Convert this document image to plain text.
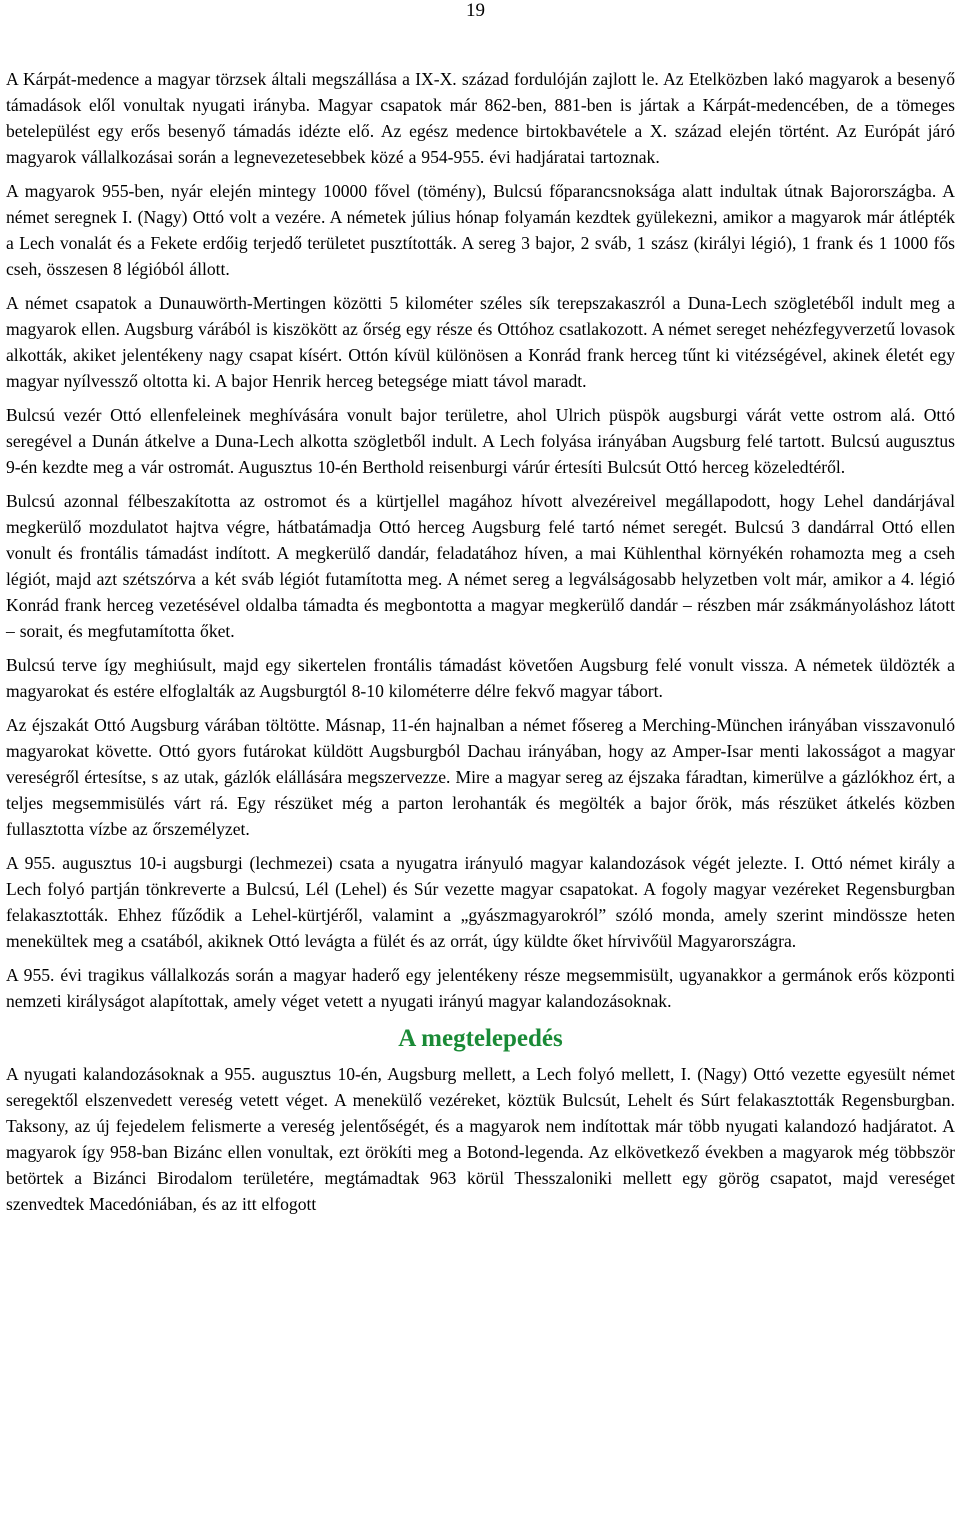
19

A Kárpát-medence a magyar törzsek általi megszállása a IX-X. század fordulóján zajlott le. Az Etelközben lakó magyarok a besenyő támadások elől vonultak nyugati irányba. Magyar csapatok már 862-ben, 881-ben is jártak a Kárpát-medencében, de a tömeges betelepülést egy erős besenyő támadás idézte elő. Az egész medence birtokbavétele a X. század elején történt. Az Európát járó magyarok vállalkozásai során a legnevezetesebbek közé a 954-955. évi hadjáratai tartoznak.

A magyarok 955-ben, nyár elején mintegy 10000 fővel (tömény), Bulcsú főparancsnoksága alatt indultak útnak Bajorországba. A német seregnek I. (Nagy) Ottó volt a vezére. A németek július hónap folyamán kezdtek gyülekezni, amikor a magyarok már átlépték a Lech vonalát és a Fekete erdőig terjedő területet pusztították. A sereg 3 bajor, 2 sváb, 1 szász (királyi légió), 1 frank és 1 1000 fős cseh, összesen 8 légióból állott.

A német csapatok a Dunauwörth-Mertingen közötti 5 kilométer széles sík terepszakaszról a Duna-Lech szögletéből indult meg a magyarok ellen. Augsburg várából is kiszökött az őrség egy része és Ottóhoz csatlakozott. A német sereget nehézfegyverzetű lovasok alkották, akiket jelentékeny nagy csapat kísért. Ottón kívül különösen a Konrád frank herceg tűnt ki vitézségével, akinek életét egy magyar nyílvessző oltotta ki. A bajor Henrik herceg betegsége miatt távol maradt.

Bulcsú vezér Ottó ellenfeleinek meghívására vonult bajor területre, ahol Ulrich püspök augsburgi várát vette ostrom alá. Ottó seregével a Dunán átkelve a Duna-Lech alkotta szögletből indult. A Lech folyása irányában Augsburg felé tartott. Bulcsú augusztus 9-én kezdte meg a vár ostromát. Augusztus 10-én Berthold reisenburgi várúr értesíti Bulcsút Ottó herceg közeledtéről.

Bulcsú azonnal félbeszakította az ostromot és a kürtjellel magához hívott alvezéreivel megállapodott, hogy Lehel dandárjával megkerülő mozdulatot hajtva végre, hátbatámadja Ottó herceg Augsburg felé tartó német seregét. Bulcsú 3 dandárral Ottó ellen vonult és frontális támadást indított. A megkerülő dandár, feladatához híven, a mai Kühlenthal környékén rohamozta meg a cseh légiót, majd azt szétszórva a két sváb légiót futamította meg. A német sereg a legválságosabb helyzetben volt már, amikor a 4. légió Konrád frank herceg vezetésével oldalba támadta és megbontotta a magyar megkerülő dandár – részben már zsákmányoláshoz látott – sorait, és megfutamította őket.

Bulcsú terve így meghiúsult, majd egy sikertelen frontális támadást követően Augsburg felé vonult vissza. A németek üldözték a magyarokat és estére elfoglalták az Augsburgtól 8-10 kilométerre délre fekvő magyar tábort.

Az éjszakát Ottó Augsburg várában töltötte. Másnap, 11-én hajnalban a német fősereg a Merching-München irányában visszavonuló magyarokat követte. Ottó gyors futárokat küldött Augsburgból Dachau irányában, hogy az Amper-Isar menti lakosságot a magyar vereségről értesítse, s az utak, gázlók elállására megszervezze. Mire a magyar sereg az éjszaka fáradtan, kimerülve a gázlókhoz ért, a teljes megsemmisülés várt rá. Egy részüket még a parton lerohanták és megölték a bajor őrök, más részüket átkelés közben fullasztotta vízbe az őrszemélyzet.

A 955. augusztus 10-i augsburgi (lechmezei) csata a nyugatra irányuló magyar kalandozások végét jelezte. I. Ottó német király a Lech folyó partján tönkreverte a Bulcsú, Lél (Lehel) és Súr vezette magyar csapatokat. A fogoly magyar vezéreket Regensburgban felakasztották. Ehhez fűződik a Lehel-kürtjéről, valamint a „gyászmagyarokról” szóló monda, amely szerint mindössze heten menekültek meg a csatából, akiknek Ottó levágta a fülét és az orrát, úgy küldte őket hírvivőül Magyarországra.

A 955. évi tragikus vállalkozás során a magyar haderő egy jelentékeny része megsemmisült, ugyanakkor a germánok erős központi nemzeti királyságot alapítottak, amely véget vetett a nyugati irányú magyar kalandozásoknak.

A megtelepedés

A nyugati kalandozásoknak a 955. augusztus 10-én, Augsburg mellett, a Lech folyó mellett, I. (Nagy) Ottó vezette egyesült német seregektől elszenvedett vereség vetett véget. A menekülő vezéreket, köztük Bulcsút, Lehelt és Súrt felakasztották Regensburgban. Taksony, az új fejedelem felismerte a vereség jelentőségét, és a magyarok nem indítottak már több nyugati kalandozó hadjáratot. A magyarok így 958-ban Bizánc ellen vonultak, ezt örökíti meg a Botond-legenda. Az elkövetkező években a magyarok még többször betörtek a Bizánci Birodalom területére, megtámadtak 963 körül Thesszaloniki mellett egy görög csapatot, majd vereséget szenvedtek Macedóniában, és az itt elfogott
